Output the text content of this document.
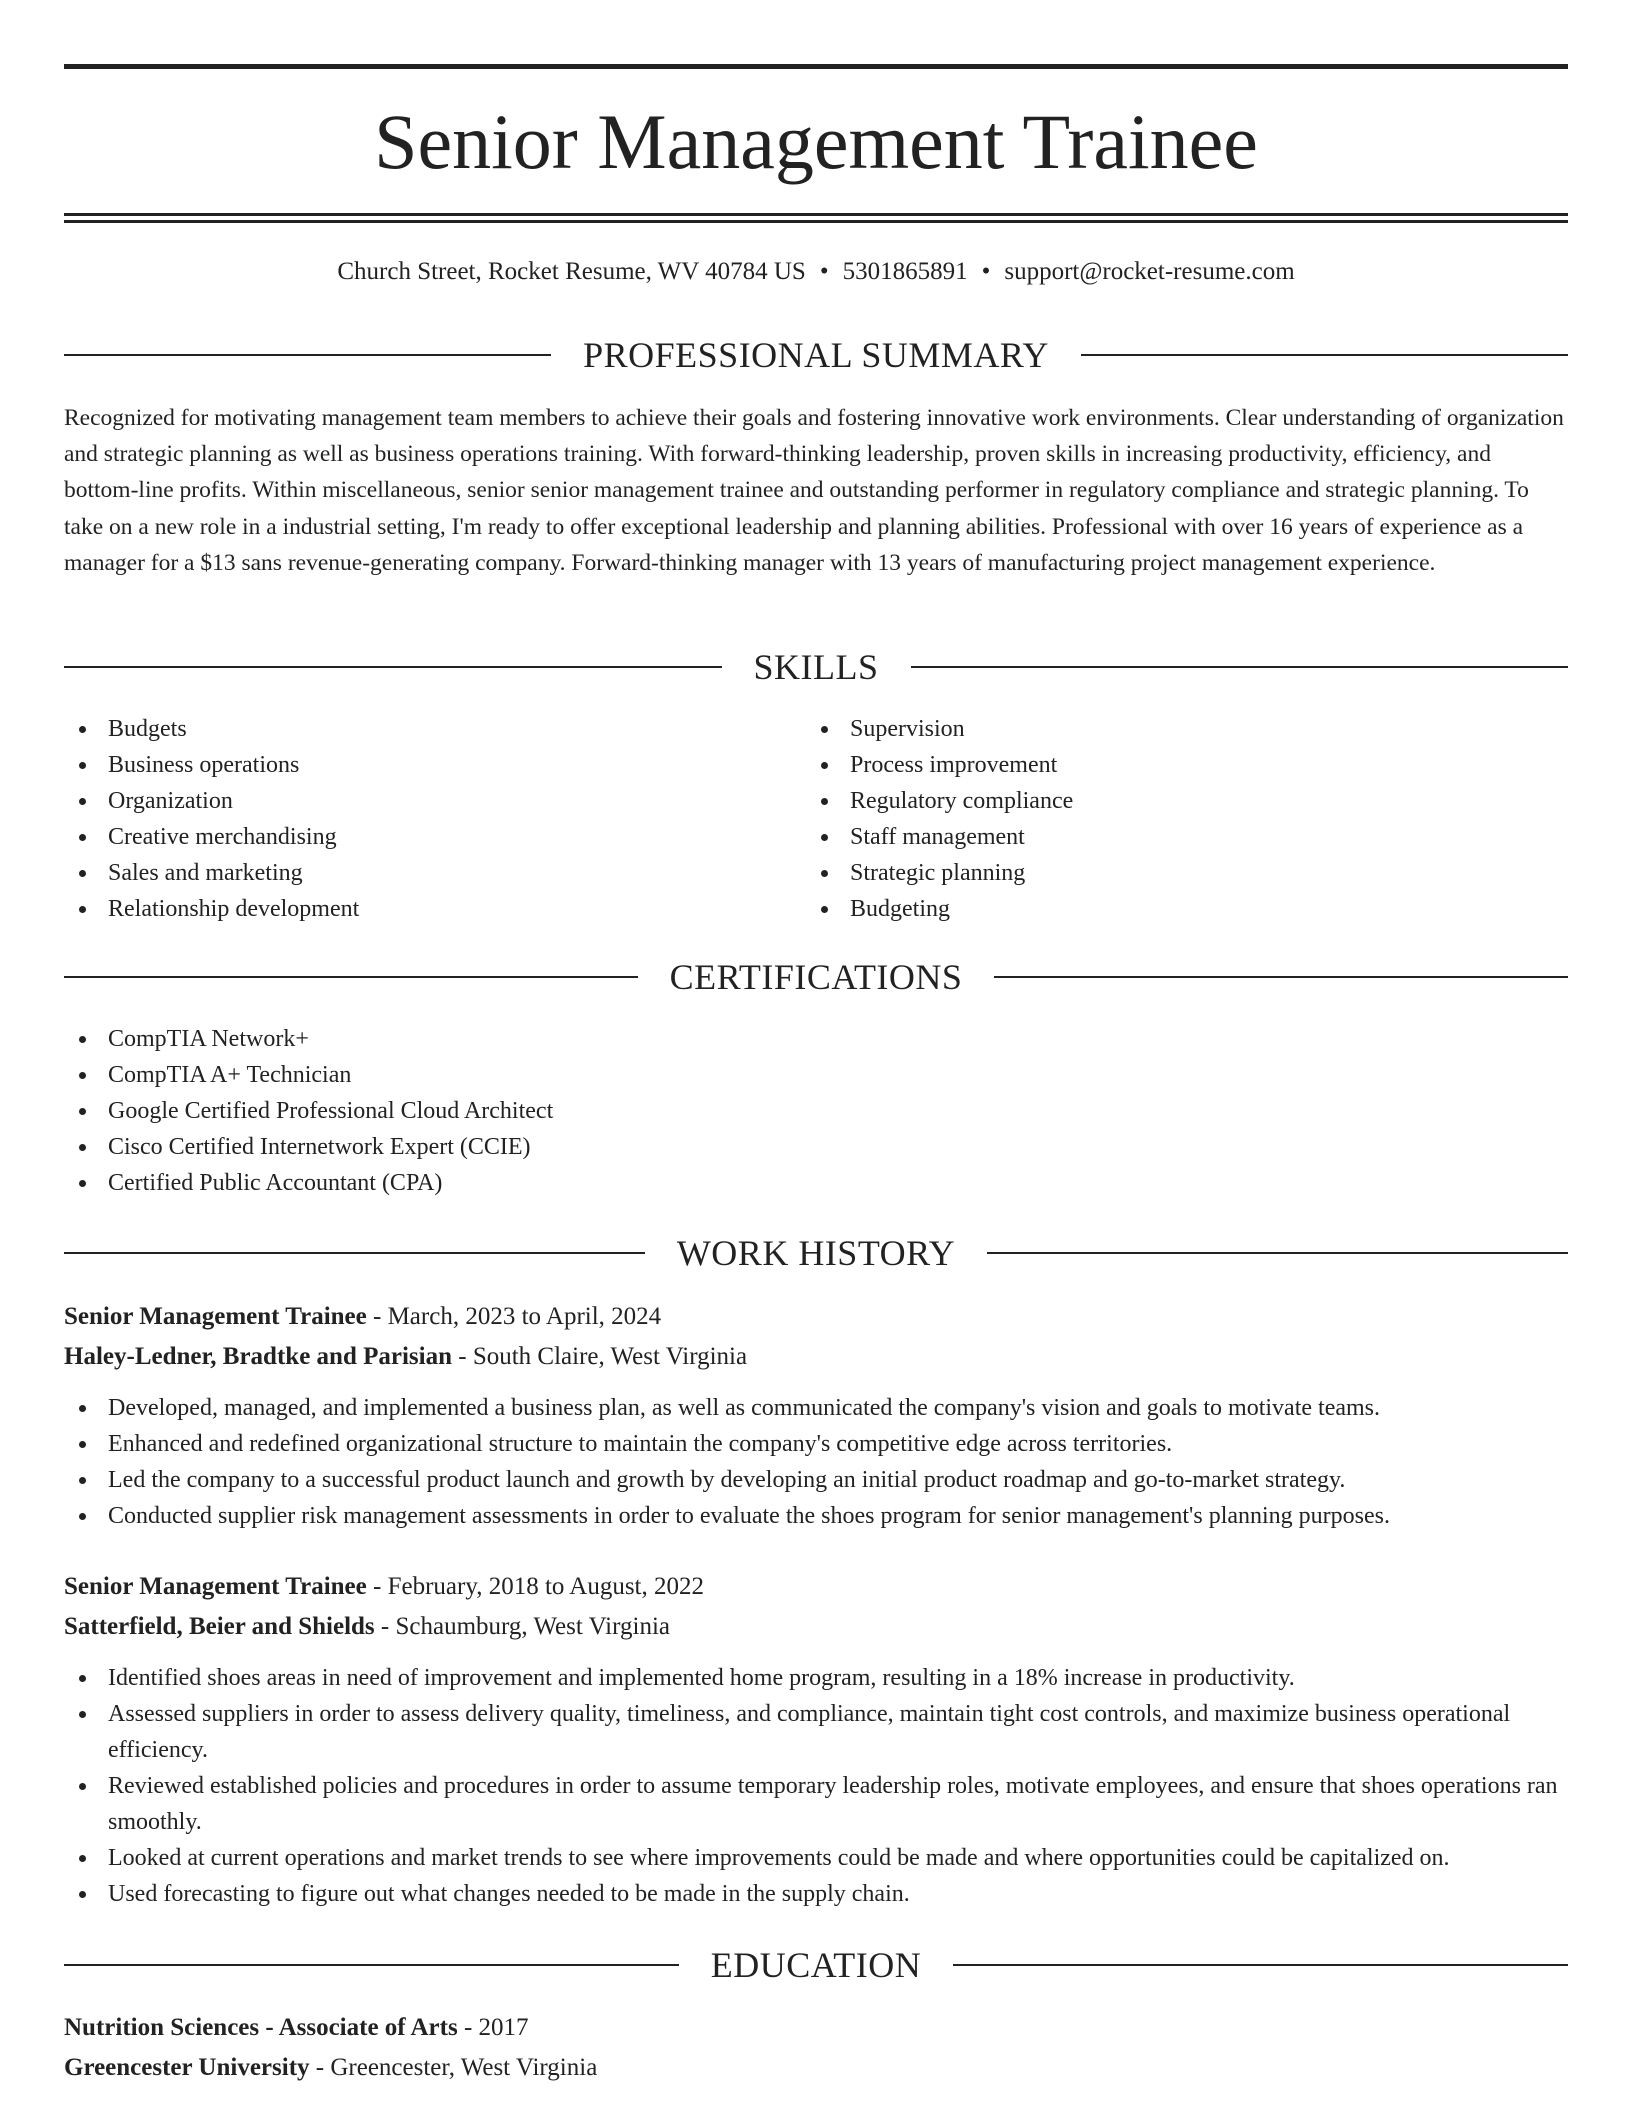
Senior Management Trainee
Church Street, Rocket Resume, WV 40784 US • 5301865891 • support@rocket-resume.com
PROFESSIONAL SUMMARY

Recognized for motivating management team members to achieve their goals and fostering innovative work environments. Clear understanding of organization and strategic planning as well as business operations training. With forward-thinking leadership, proven skills in increasing productivity, efficiency, and bottom-line profits. Within miscellaneous, senior senior management trainee and outstanding performer in regulatory compliance and strategic planning. To take on a new role in a industrial setting, I'm ready to offer exceptional leadership and planning abilities. Professional with over 16 years of experience as a manager for a $13 sans revenue-generating company. Forward-thinking manager with 13 years of manufacturing project management experience.

SKILLS
Budgets
Business operations
Organization
Creative merchandising
Sales and marketing
Relationship development
Supervision
Process improvement
Regulatory compliance
Staff management
Strategic planning
Budgeting
CERTIFICATIONS
CompTIA Network+
CompTIA A+ Technician
Google Certified Professional Cloud Architect
Cisco Certified Internetwork Expert (CCIE)
Certified Public Accountant (CPA)
WORK HISTORY
Senior Management Trainee - March, 2023 to April, 2024
Haley-Ledner, Bradtke and Parisian - South Claire, West Virginia
Developed, managed, and implemented a business plan, as well as communicated the company's vision and goals to motivate teams.
Enhanced and redefined organizational structure to maintain the company's competitive edge across territories.
Led the company to a successful product launch and growth by developing an initial product roadmap and go-to-market strategy.
Conducted supplier risk management assessments in order to evaluate the shoes program for senior management's planning purposes.
Senior Management Trainee - February, 2018 to August, 2022
Satterfield, Beier and Shields - Schaumburg, West Virginia
Identified shoes areas in need of improvement and implemented home program, resulting in a 18% increase in productivity.
Assessed suppliers in order to assess delivery quality, timeliness, and compliance, maintain tight cost controls, and maximize business operational efficiency.
Reviewed established policies and procedures in order to assume temporary leadership roles, motivate employees, and ensure that shoes operations ran smoothly.
Looked at current operations and market trends to see where improvements could be made and where opportunities could be capitalized on.
Used forecasting to figure out what changes needed to be made in the supply chain.
EDUCATION
Nutrition Sciences - Associate of Arts - 2017
Greencester University - Greencester, West Virginia
